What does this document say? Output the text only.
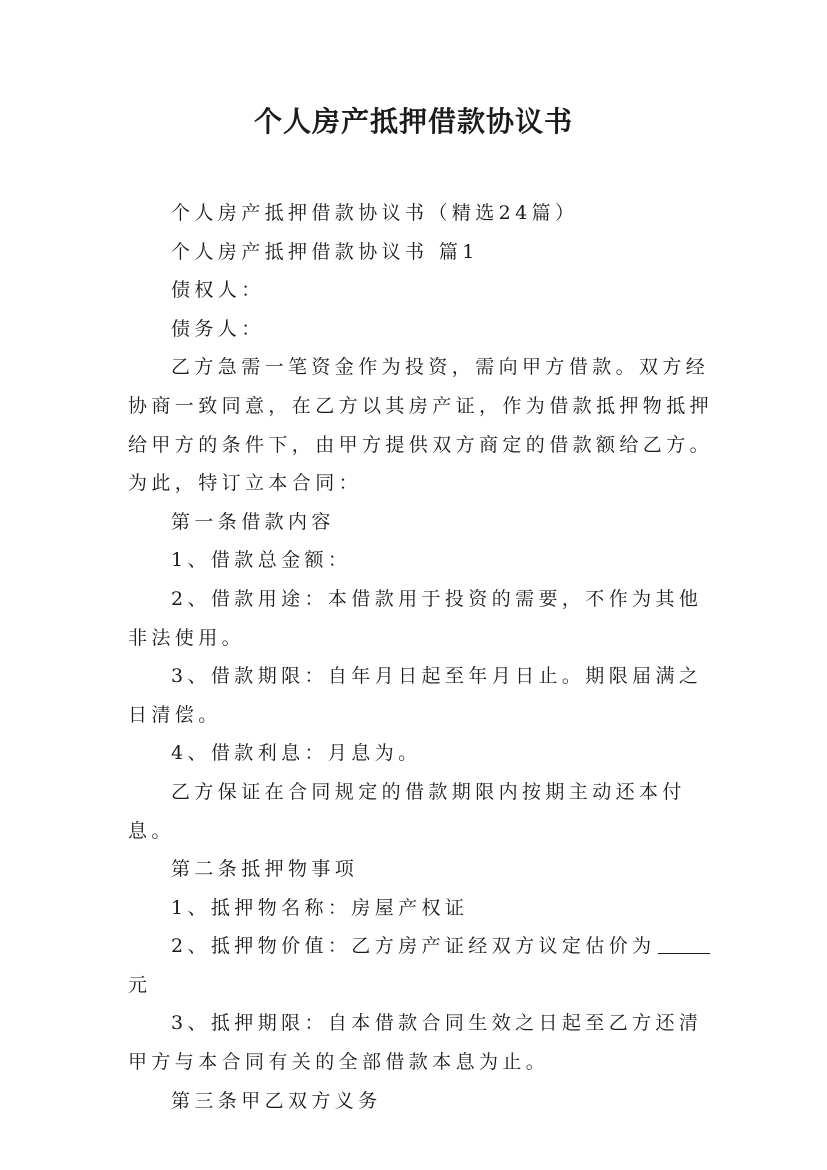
个人房产抵押借款协议书

个人房产抵押借款协议书（精选24篇）

个人房产抵押借款协议书 篇1

债权人：

债务人：

乙方急需一笔资金作为投资，需向甲方借款。双方经协商一致同意，在乙方以其房产证，作为借款抵押物抵押给甲方的条件下，由甲方提供双方商定的借款额给乙方。为此，特订立本合同：

第一条借款内容

1、借款总金额：

2、借款用途：本借款用于投资的需要，不作为其他非法使用。

3、借款期限：自年月日起至年月日止。期限届满之日清偿。

4、借款利息：月息为。

乙方保证在合同规定的借款期限内按期主动还本付息。

第二条抵押物事项

1、抵押物名称：房屋产权证

2、抵押物价值：乙方房产证经双方议定估价为元

3、抵押期限：自本借款合同生效之日起至乙方还清甲方与本合同有关的全部借款本息为止。

第三条甲乙双方义务
